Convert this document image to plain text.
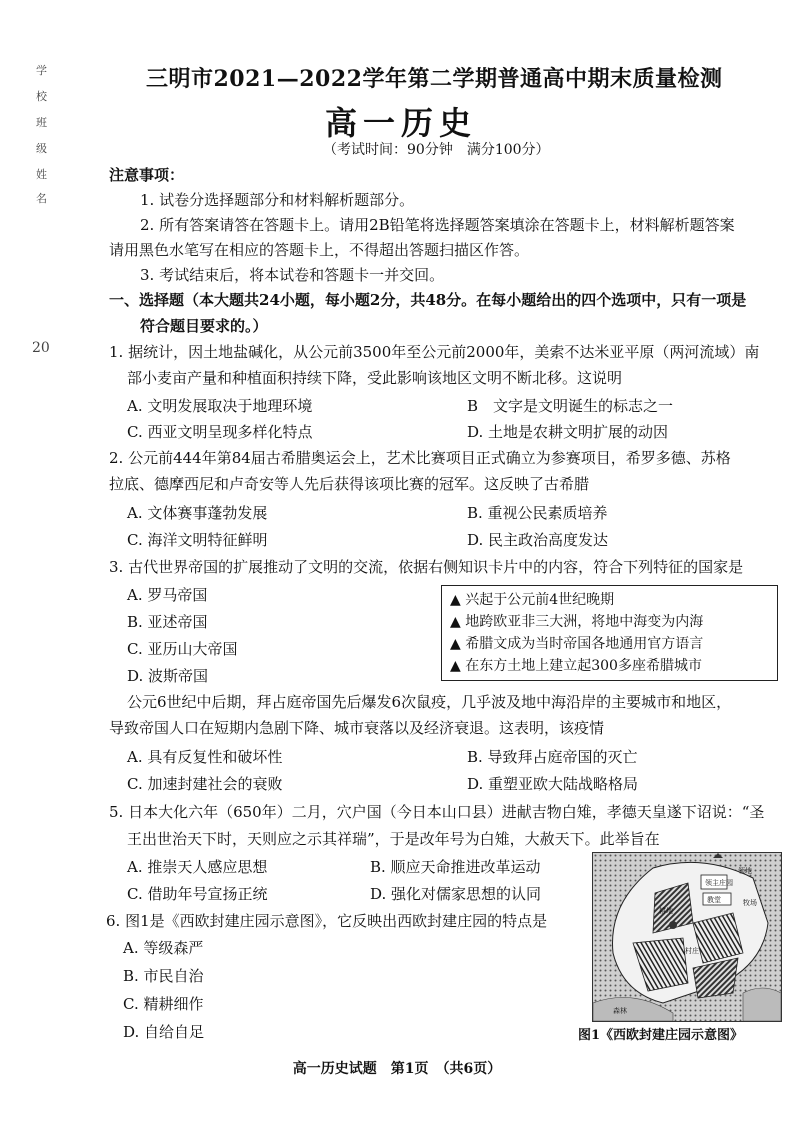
学
校
班
级
姓
名
20
三明市2021—2022学年第二学期普通高中期末质量检测
高一历史
（考试时间：90分钟　满分100分）
注意事项：
1. 试卷分选择题部分和材料解析题部分。
2. 所有答案请答在答题卡上。请用2B铅笔将选择题答案填涂在答题卡上，材料解析题答案
请用黑色水笔写在相应的答题卡上，不得超出答题扫描区作答。
3. 考试结束后，将本试卷和答题卡一并交回。
一、选择题（本大题共24小题，每小题2分，共48分。在每小题给出的四个选项中，只有一项是
符合题目要求的。）
1. 据统计，因土地盐碱化，从公元前3500年至公元前2000年，美索不达米亚平原（两河流域）南
部小麦亩产量和种植面积持续下降，受此影响该地区文明不断北移。这说明
A. 文明发展取决于地理环境	B　文字是文明诞生的标志之一
C. 西亚文明呈现多样化特点	D. 土地是农耕文明扩展的动因
2. 公元前444年第84届古希腊奥运会上，艺术比赛项目正式确立为参赛项目，希罗多德、苏格
拉底、德摩西尼和卢奇安等人先后获得该项比赛的冠军。这反映了古希腊
A. 文体赛事蓬勃发展	B. 重视公民素质培养
C. 海洋文明特征鲜明	D. 民主政治高度发达
3. 古代世界帝国的扩展推动了文明的交流，依据右侧知识卡片中的内容，符合下列特征的国家是
A. 罗马帝国
B. 亚述帝国
C. 亚历山大帝国
D. 波斯帝国
▲ 兴起于公元前4世纪晚期
▲ 地跨欧亚非三大洲，将地中海变为内海
▲ 希腊文成为当时帝国各地通用官方语言
▲ 在东方土地上建立起300多座希腊城市
公元6世纪中后期，拜占庭帝国先后爆发6次鼠疫，几乎波及地中海沿岸的主要城市和地区，
导致帝国人口在短期内急剧下降、城市衰落以及经济衰退。这表明，该疫情
A. 具有反复性和破坏性	B. 导致拜占庭帝国的灭亡
C. 加速封建社会的衰败	D. 重塑亚欧大陆战略格局
5. 日本大化六年（650年）二月，穴户国（今日本山口县）进献吉物白雉，孝德天皇遂下诏说：“圣
王出世治天下时，天则应之示其祥瑞”，于是改年号为白雉，大赦天下。此举旨在
A. 推崇天人感应思想	B. 顺应天命推进改革运动
C. 借助年号宣扬正统	D. 强化对儒家思想的认同
6. 图1是《西欧封建庄园示意图》，它反映出西欧封建庄园的特点是
A. 等级森严
B. 市民自治
C. 精耕细作
D. 自给自足
领主庄园
教堂
领地
牧场
村庄
耕地
森林
图1《西欧封建庄园示意图》
高一历史试题　第1页　（共6页）
